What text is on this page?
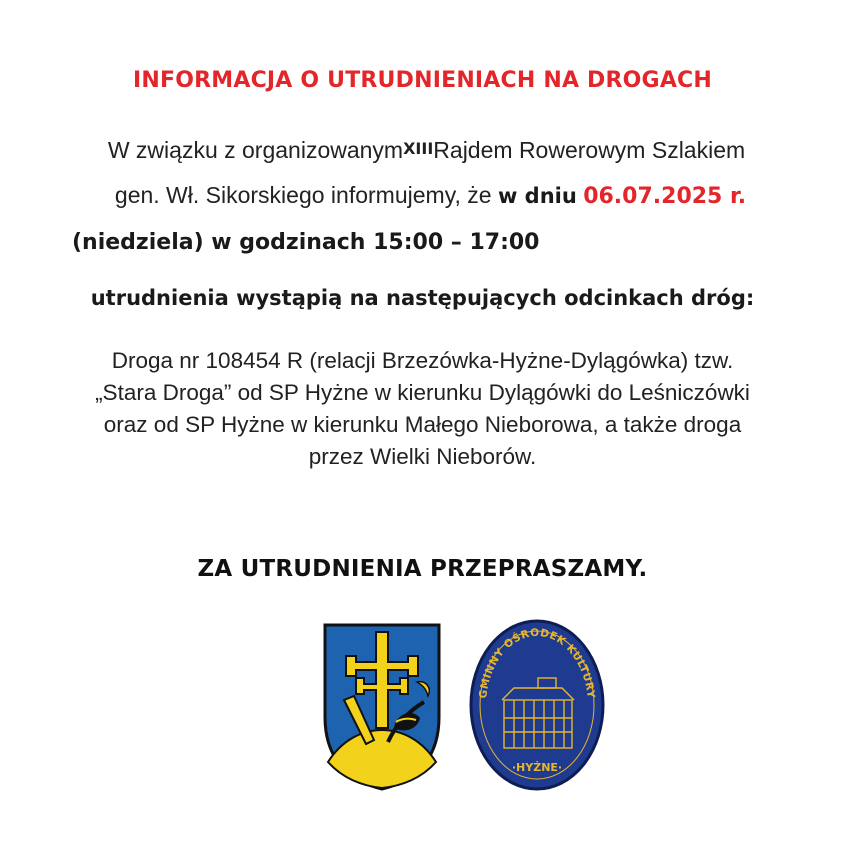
INFORMACJA O UTRUDNIENIACH NA DROGACH
W związku z organizowanymXIIIRajdem Rowerowym Szlakiem
gen. Wł. Sikorskiego informujemy, że w dniu 06.07.2025 r.
(niedziela) w godzinach 15:00 – 17:00
utrudnienia wystąpią na następujących odcinkach dróg:
Droga nr 108454 R (relacji Brzezówka-Hyżne-Dylągówka) tzw.
„Stara Droga” od SP Hyżne w kierunku Dylągówki do Leśniczówki
oraz od SP Hyżne w kierunku Małego Nieborowa, a także droga
przez Wielki Nieborów.
ZA UTRUDNIENIA PRZEPRASZAMY.
GMINNY OŚRODEK KULTURY
·HYŻNE·
